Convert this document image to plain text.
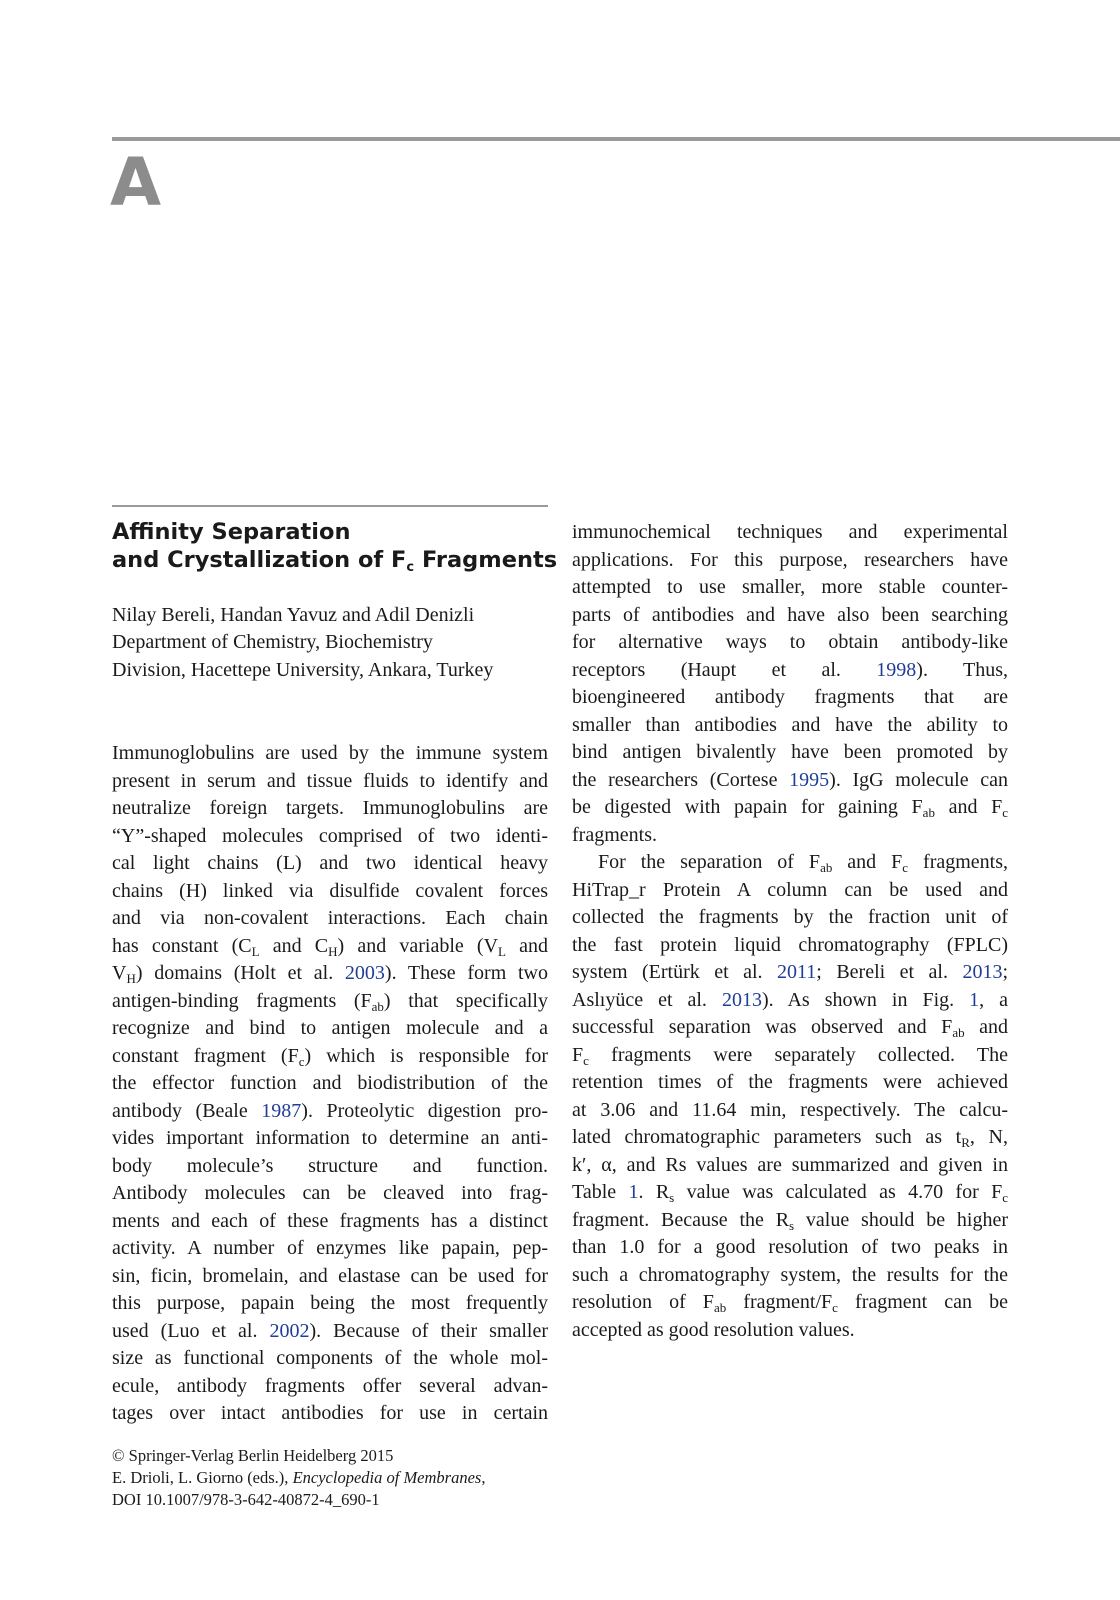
A
Affinity Separation
and Crystallization of $F_c$ Fragments
Nilay Bereli, Handan Yavuz and Adil Denizli
Department of Chemistry, Biochemistry
Division, Hacettepe University, Ankara, Turkey
Immunoglobulins are used by the immune system
present in serum and tissue fluids to identify and
neutralize foreign targets. Immunoglobulins are
“Y”-shaped molecules comprised of two identi-
cal light chains (L) and two identical heavy
chains (H) linked via disulfide covalent forces
and via non-covalent interactions. Each chain
has constant ($C_L$ and $C_H$) and variable ($V_L$ and
$V_H$) domains (Holt et al. 2003). These form two
antigen-binding fragments $(F_{ab})$ that specifically
recognize and bind to antigen molecule and a
constant fragment $(F_c)$ which is responsible for
the effector function and biodistribution of the
antibody (Beale 1987). Proteolytic digestion pro-
vides important information to determine an anti-
body molecule’s structure and function.
Antibody molecules can be cleaved into frag-
ments and each of these fragments has a distinct
activity. A number of enzymes like papain, pep-
sin, ficin, bromelain, and elastase can be used for
this purpose, papain being the most frequently
used (Luo et al. 2002). Because of their smaller
size as functional components of the whole mol-
ecule, antibody fragments offer several advan-
tages over intact antibodies for use in certain
immunochemical techniques and experimental
applications. For this purpose, researchers have
attempted to use smaller, more stable counter-
parts of antibodies and have also been searching
for alternative ways to obtain antibody-like
receptors (Haupt et al. 1998). Thus,
bioengineered antibody fragments that are
smaller than antibodies and have the ability to
bind antigen bivalently have been promoted by
the researchers (Cortese 1995). IgG molecule can
be digested with papain for gaining $F_{ab}$ and $F_c$
fragments.
For the separation of $F_{ab}$ and $F_c$ fragments,
HiTrap_r Protein A column can be used and
collected the fragments by the fraction unit of
the fast protein liquid chromatography (FPLC)
system (Ertürk et al. 2011; Bereli et al. 2013;
Aslıyüce et al. 2013). As shown in Fig. 1, a
successful separation was observed and $F_{ab}$ and
$F_c$ fragments were separately collected. The
retention times of the fragments were achieved
at 3.06 and 11.64 min, respectively. The calcu-
lated chromatographic parameters such as $t_R$, N,
k′, α, and Rs values are summarized and given in
Table 1. $R_s$ value was calculated as 4.70 for $F_c$
fragment. Because the $R_s$ value should be higher
than 1.0 for a good resolution of two peaks in
such a chromatography system, the results for the
resolution of $F_{ab}$ fragment/$F_c$ fragment can be
accepted as good resolution values.
© Springer-Verlag Berlin Heidelberg 2015
E. Drioli, L. Giorno (eds.), Encyclopedia of Membranes,
DOI 10.1007/978-3-642-40872-4_690-1
